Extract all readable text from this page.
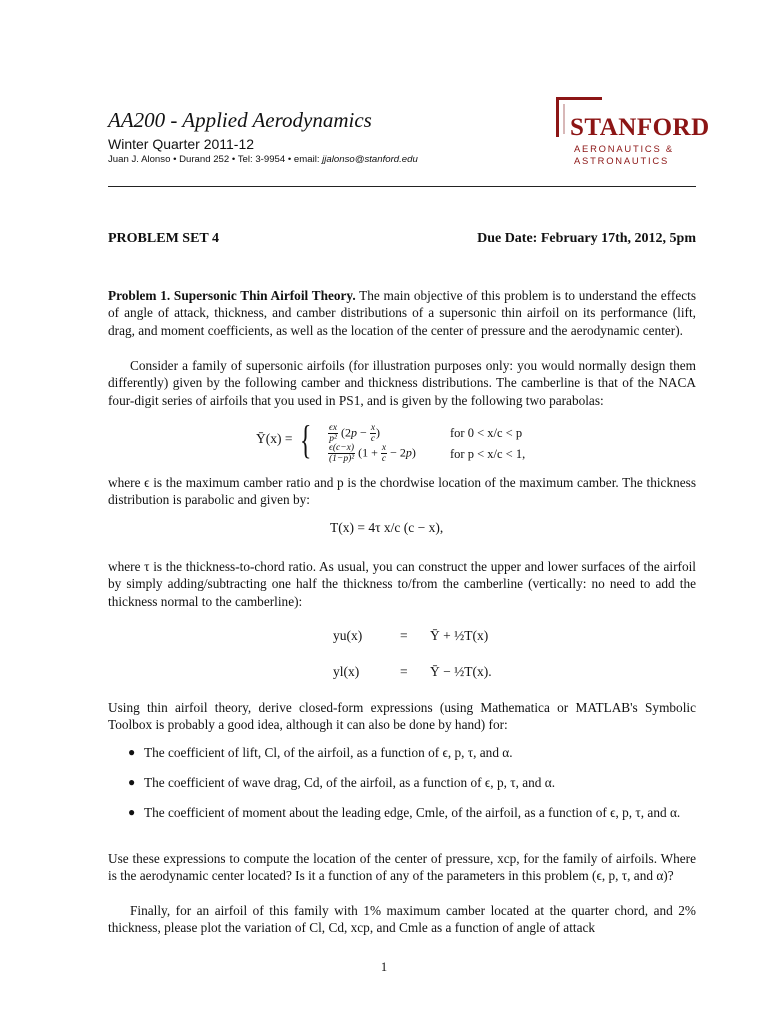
AA200 - Applied Aerodynamics
Winter Quarter 2011-12
Juan J. Alonso • Durand 252 • Tel: 3-9954 • email: jjalonso@stanford.edu
STANFORD
AERONAUTICS &
ASTRONAUTICS
PROBLEM SET 4	Due Date: February 17th, 2012, 5pm
Problem 1. Supersonic Thin Airfoil Theory. The main objective of this problem is to understand the effects of angle of attack, thickness, and camber distributions of a supersonic thin airfoil on its performance (lift, drag, and moment coefficients, as well as the location of the center of pressure and the aerodynamic center).
Consider a family of supersonic airfoils (for illustration purposes only: you would normally design them differently) given by the following camber and thickness distributions. The camberline is that of the NACA four-digit series of airfoils that you used in PS1, and is given by the following two parabolas:
Ȳ(x) = {	$\frac{\epsilon x}{\text{p²}} (2p - \frac{x}{c}$ )	for 0 < x/c < p
$\frac{\epsilon(c-x)}{\text{(1−p)²}} (1 + \frac{x}{c} - 2p)$	for p < x/c < 1,
where ϵ is the maximum camber ratio and p is the chordwise location of the maximum camber. The thickness distribution is parabolic and given by:
T(x) = 4τ x/c (c − x),
where τ is the thickness-to-chord ratio. As usual, you can construct the upper and lower surfaces of the airfoil by simply adding/subtracting one half the thickness to/from the camberline (vertically: no need to add the thickness normal to the camberline):
yu(x)	= Ȳ + ½T(x)
yl(x)	= Ȳ − ½T(x).
Using thin airfoil theory, derive closed-form expressions (using Mathematica or MATLAB's Symbolic Toolbox is probably a good idea, although it can also be done by hand) for:
● The coefficient of lift, Cl, of the airfoil, as a function of ϵ, p, τ, and α.
● The coefficient of wave drag, Cd, of the airfoil, as a function of ϵ, p, τ, and α.
● The coefficient of moment about the leading edge, Cmle, of the airfoil, as a function of ϵ, p, τ, and α.
Use these expressions to compute the location of the center of pressure, xcp, for the family of airfoils. Where is the aerodynamic center located? Is it a function of any of the parameters in this problem (ϵ, p, τ, and α)?
Finally, for an airfoil of this family with 1% maximum camber located at the quarter chord, and 2% thickness, please plot the variation of Cl, Cd, xcp, and Cmle as a function of angle of attack
1
